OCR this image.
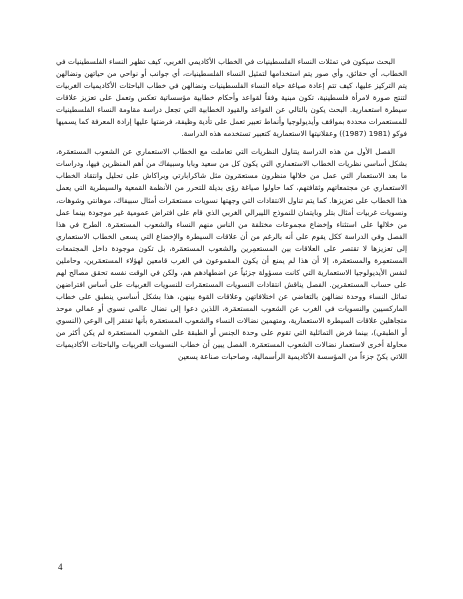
البحث سيكون في تمثلات النساء الفلسطينيات في الخطاب الأكاديمي الغربي، كيف تظهر النساء الفلسطينيات في الخطاب، أي حقائق، وأي صور يتم استخدامها لتمثيل النساء الفلسطينيات، أي جوانب أو نواحي من حياتهن ونضالهن يتم التركيز عليها، كيف تتم إعادة صياغة حياة النساء الفلسطينيات ونضالهن في خطاب الباحثات الأكاديميات الغربيات لتنتج صورة لامرأة فلسطينية، تكون مبنية وفقاً لقواعد وأحكام خطابية مؤسساتية تعكس وتعمل على تعزيز علاقات سيطرة استعمارية. البحث يكون بالتالي عن القواعد والقيود الخطابية التي تجعل دراسة مقاومة النساء الفلسطينيات للمستعمرات محددة بمواقف وأيديولوجيا وأنماط تعبير تعمل على تأدية وظيفة، فرضتها عليها إرادة المعرفة كما يسميها فوكو (1981 (1987)) وعقلانيتها الاستعمارية كتعبير تستخدمه هذه الدراسة.

الفصل الأول من هذه الدراسة يتناول النظريات التي تعاملت مع الخطاب الاستعماري عن الشعوب المستعمَرة، بشكل أساسي نظريات الخطاب الاستعماري التي يكون كل من سعيد وبابا وسبيفاك من أهم المنظرين فيها، ودراسات ما بعد الاستعمار التي عمل من خلالها منظرون مستعمَرون مثل شاكرابارتي وبراكاش على تحليل وانتقاد الخطاب الاستعماري عن مجتمعاتهم وثقافتهم، كما حاولوا صياغة رؤى بديلة للتحرر من الأنظمة القمعية والسيطرية التي يعمل هذا الخطاب على تعزيزها. كما يتم تناول الانتقادات التي وجهتها نسويات مستعمَرات أمثال سبيفاك، موهانتي وشوهات، ونسويات غربيات أمثال بتلر وبايتمان للنموذج الليبرالي الغربي الذي قام على افتراض عمومية غير موجودة بينما عمل من خلالها على استثناء وإخضاع مجموعات مختلفة من الناس منهم النساء والشعوب المستعمَرة. الطرح في هذا الفصل وفي الدراسة ككل يقوم على أنه بالرغم من أن علاقات السيطرة والإخضاع التي يسعى الخطاب الاستعماري إلى تعزيزها لا تقتصر على العلاقات بين المستعمِرين والشعوب المستعمَرة، بل تكون موجودة داخل المجتمعات المستعمِرة والمستعمَرة، إلا أن هذا لم يمنع أن يكون المقموعون في الغرب قامعين لهؤلاء المستعمَرين، وحاملين لنفس الأيديولوجيا الاستعمارية التي كانت مسؤولة جزئياً عن اضطهادهم هم، ولكن في الوقت نفسه تحقق مصالح لهم على حساب المستعمَرين. الفصل يناقش انتقادات النسويات المستعمَرات للنسويات الغربيات على أساس افتراضهن تماثل النساء ووحدة نضالهن بالتغاضي عن اختلافاتهن وعلاقات القوة بينهن، هذا بشكل أساسي ينطبق على خطاب الماركسيين والنسويات في الغرب عن الشعوب المستعمَرة، اللذين دعوا إلى نضال عالمي نسوي أو عمالي موحد متجاهلين علاقات السيطرة الاستعمارية، ومتهمين نضالات النساء والشعوب المستعمَرة بأنها تفتقر إلى الوعي (النسوي أو الطبقي)، بينما فرض التماثلية التي تقوم على وحدة الجنس أو الطبقة على الشعوب المستعمَرة لم يكن أكثر من محاولة أخرى لاستعمار نضالات الشعوب المستعمَرة. الفصل يبين أن خطاب النسويات الغربيات والباحثات الأكاديميات اللاتي يكنّ جزءاً من المؤسسة الأكاديمية الرأسمالية، وصاحبات صناعة يسعين

4
